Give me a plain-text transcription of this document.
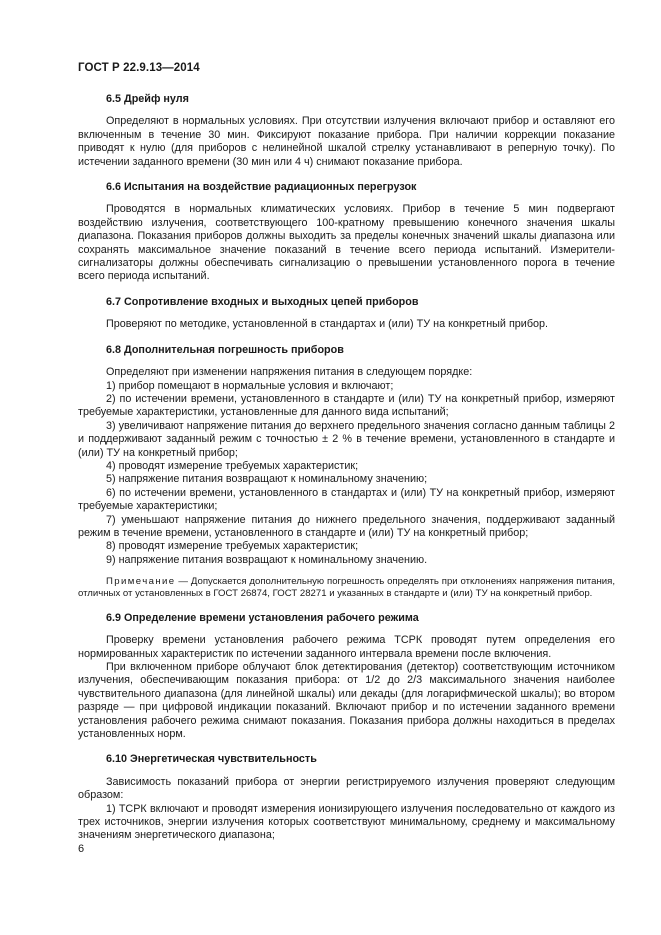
ГОСТ Р 22.9.13—2014

6.5 Дрейф нуля

Определяют в нормальных условиях. При отсутствии излучения включают прибор и оставляют его включенным в течение 30 мин. Фиксируют показание прибора. При наличии коррекции показание приводят к нулю (для приборов с нелинейной шкалой стрелку устанавливают в реперную точку). По истечении заданного времени (30 мин или 4 ч) снимают показание прибора.

6.6 Испытания на воздействие радиационных перегрузок

Проводятся в нормальных климатических условиях. Прибор в течение 5 мин подвергают воздействию излучения, соответствующего 100-кратному превышению конечного значения шкалы диапазона. Показания приборов должны выходить за пределы конечных значений шкалы диапазона или сохранять максимальное значение показаний в течение всего периода испытаний. Измерители-сигнализаторы должны обеспечивать сигнализацию о превышении установленного порога в течение всего периода испытаний.

6.7 Сопротивление входных и выходных цепей приборов

Проверяют по методике, установленной в стандартах и (или) ТУ на конкретный прибор.

6.8 Дополнительная погрешность приборов

Определяют при изменении напряжения питания в следующем порядке:

1) прибор помещают в нормальные условия и включают;

2) по истечении времени, установленного в стандарте и (или) ТУ на конкретный прибор, измеряют требуемые характеристики, установленные для данного вида испытаний;

3) увеличивают напряжение питания до верхнего предельного значения согласно данным таблицы 2 и поддерживают заданный режим с точностью ± 2 % в течение времени, установленного в стандарте и (или) ТУ на конкретный прибор;

4) проводят измерение требуемых характеристик;

5) напряжение питания возвращают к номинальному значению;

6) по истечении времени, установленного в стандартах и (или) ТУ на конкретный прибор, измеряют требуемые характеристики;

7) уменьшают напряжение питания до нижнего предельного значения, поддерживают заданный режим в течение времени, установленного в стандарте и (или) ТУ на конкретный прибор;

8) проводят измерение требуемых характеристик;

9) напряжение питания возвращают к номинальному значению.

Примечание — Допускается дополнительную погрешность определять при отклонениях напряжения питания, отличных от установленных в ГОСТ 26874, ГОСТ 28271 и указанных в стандарте и (или) ТУ на конкретный прибор.

6.9 Определение времени установления рабочего режима

Проверку времени установления рабочего режима ТСРК проводят путем определения его нормированных характеристик по истечении заданного интервала времени после включения.

При включенном приборе облучают блок детектирования (детектор) соответствующим источником излучения, обеспечивающим показания прибора: от 1/2 до 2/3 максимального значения наиболее чувствительного диапазона (для линейной шкалы) или декады (для логарифмической шкалы); во втором разряде — при цифровой индикации показаний. Включают прибор и по истечении заданного времени установления рабочего режима снимают показания. Показания прибора должны находиться в пределах установленных норм.

6.10 Энергетическая чувствительность

Зависимость показаний прибора от энергии регистрируемого излучения проверяют следующим образом:

1) ТСРК включают и проводят измерения ионизирующего излучения последовательно от каждого из трех источников, энергии излучения которых соответствуют минимальному, среднему и максимальному значениям энергетического диапазона;

6
